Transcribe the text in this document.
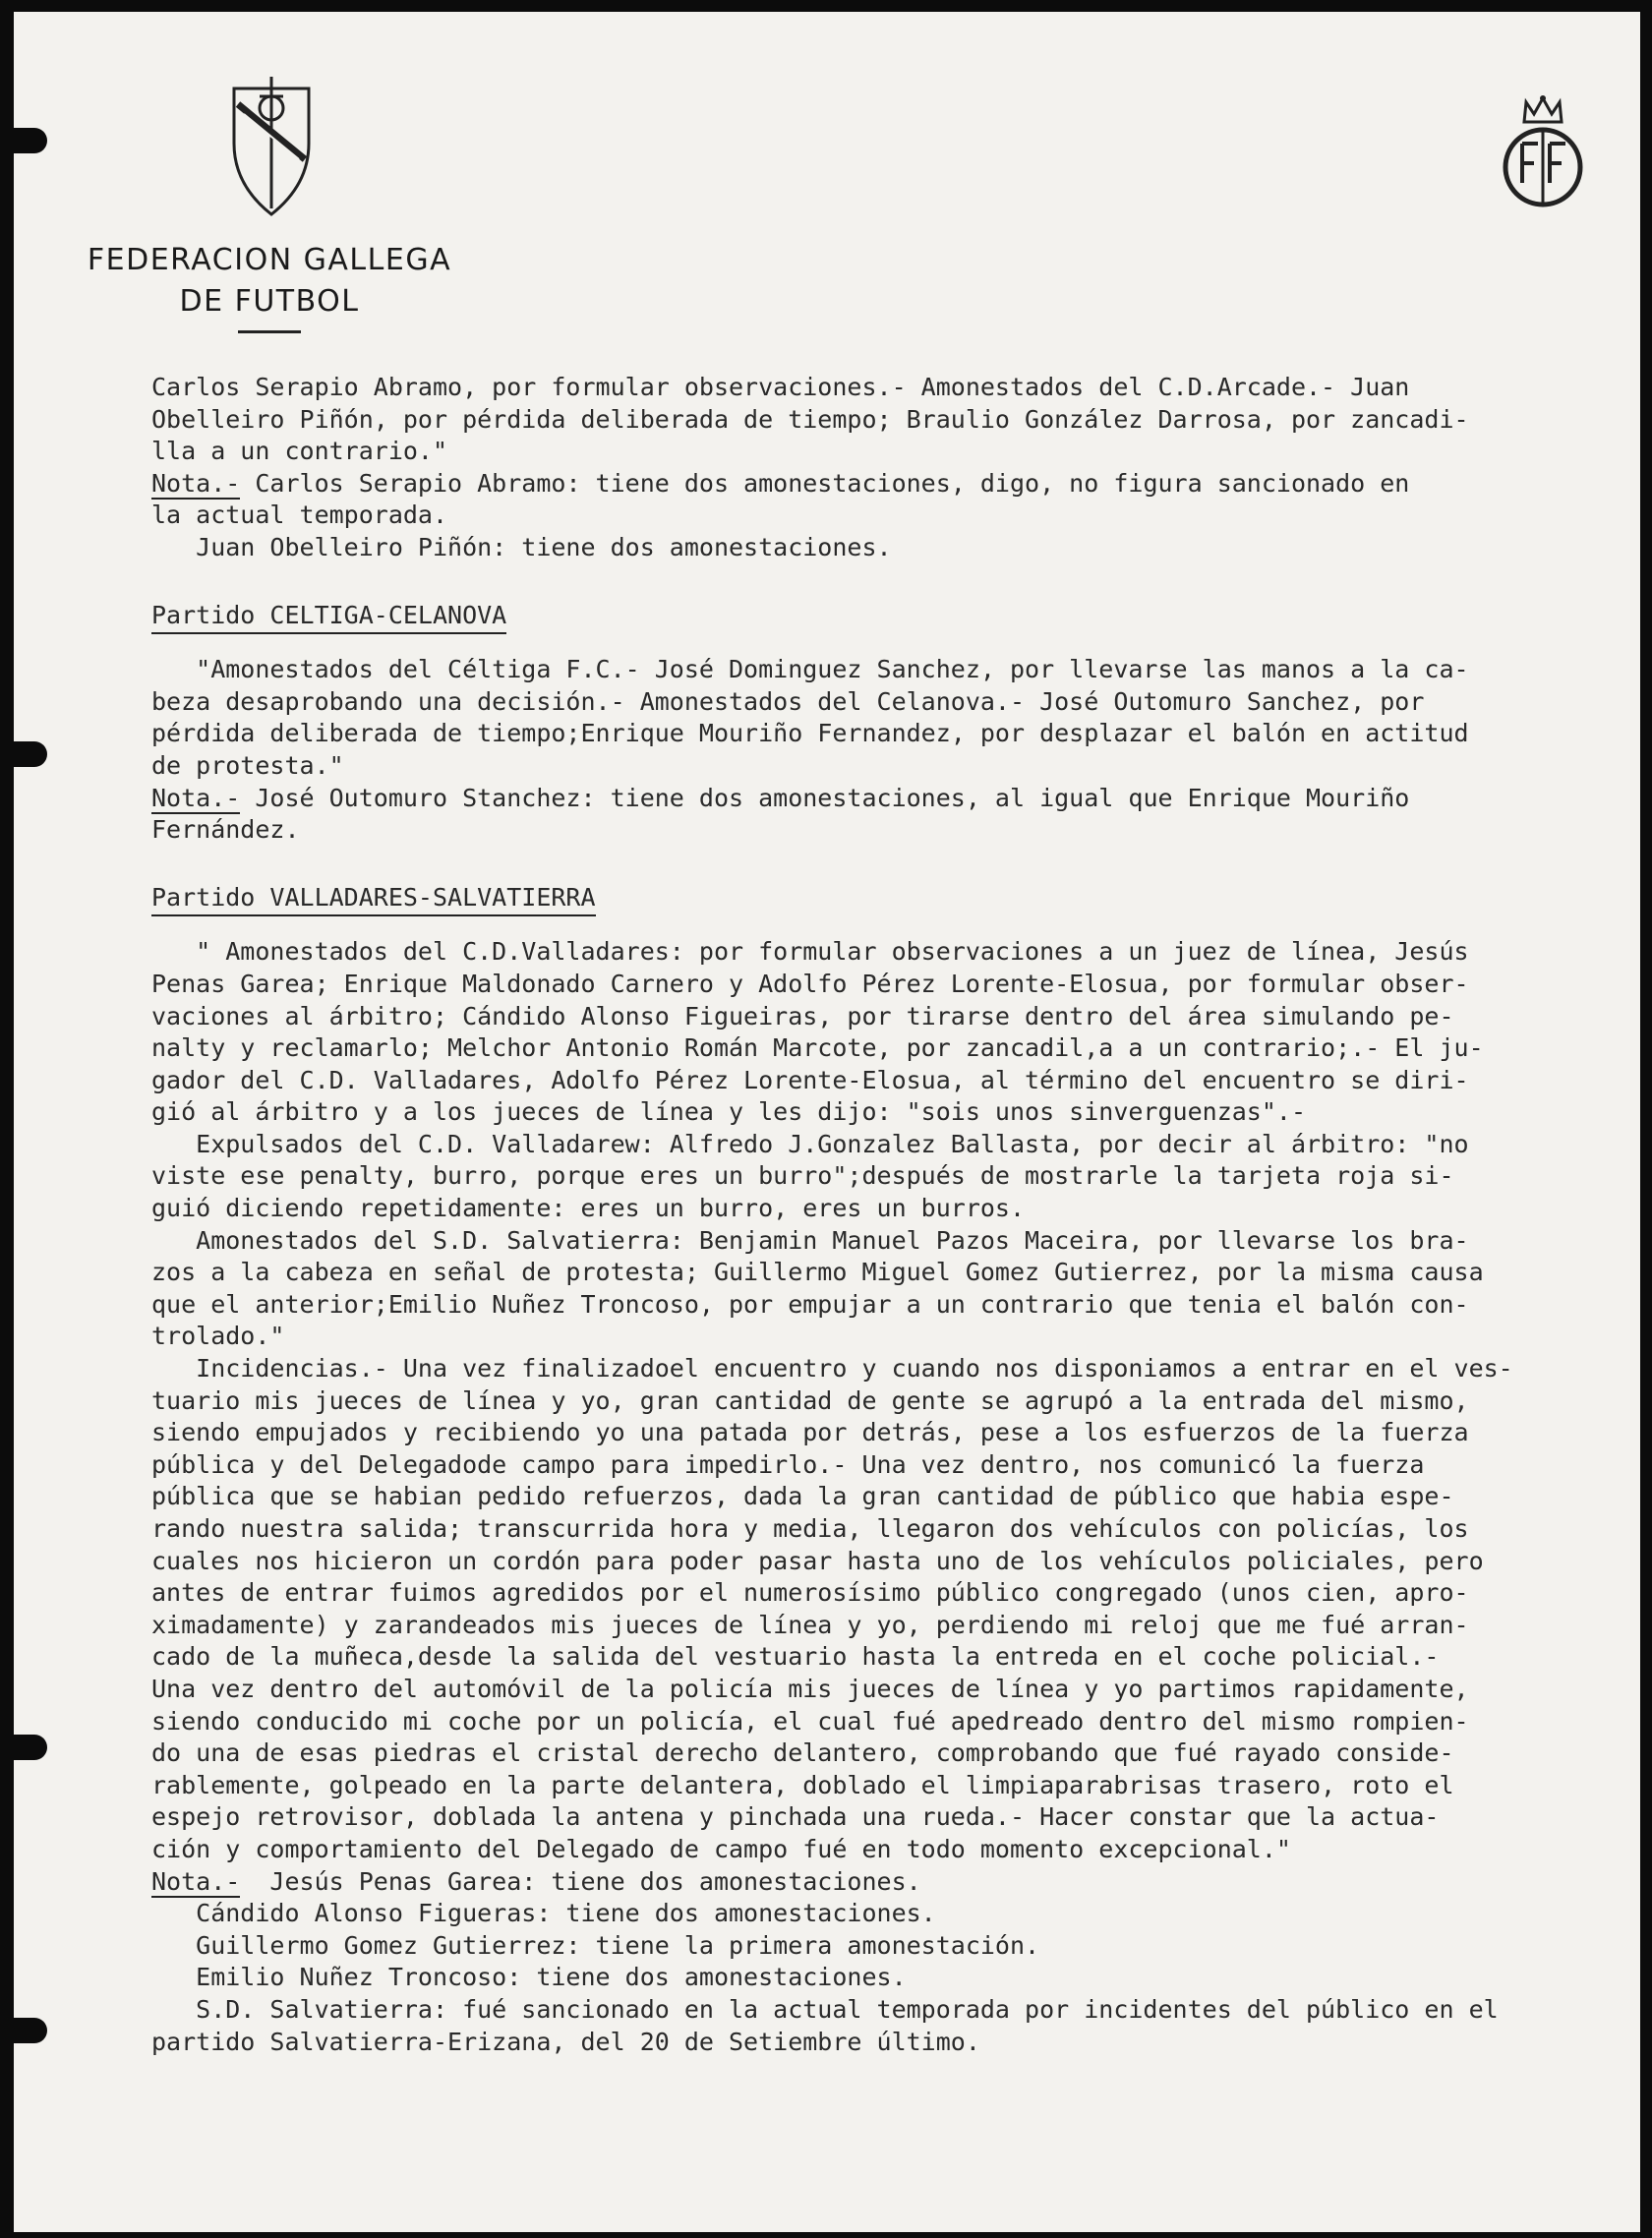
FEDERACION GALLEGA
DE FUTBOL

Carlos Serapio Abramo, por formular observaciones.- Amonestados del C.D.Arcade.- Juan

Obelleiro Piñón, por pérdida deliberada de tiempo; Braulio González Darrosa, por zancadi-

lla a un contrario."

Nota.- Carlos Serapio Abramo: tiene dos amonestaciones, digo, no figura sancionado en

la actual temporada.

Juan Obelleiro Piñón: tiene dos amonestaciones.

Partido CELTIGA-CELANOVA

"Amonestados del Céltiga F.C.- José Dominguez Sanchez, por llevarse las manos a la ca-

beza desaprobando una decisión.- Amonestados del Celanova.- José Outomuro Sanchez, por

pérdida deliberada de tiempo;Enrique Mouriño Fernandez, por desplazar el balón en actitud

de protesta."

Nota.- José Outomuro Stanchez: tiene dos amonestaciones, al igual que Enrique Mouriño

Fernández.

Partido VALLADARES-SALVATIERRA

" Amonestados del C.D.Valladares: por formular observaciones a un juez de línea, Jesús

Penas Garea; Enrique Maldonado Carnero y Adolfo Pérez Lorente-Elosua, por formular obser-

vaciones al árbitro; Cándido Alonso Figueiras, por tirarse dentro del área simulando pe-

nalty y reclamarlo; Melchor Antonio Román Marcote, por zancadil,a a un contrario;.- El ju-

gador del C.D. Valladares, Adolfo Pérez Lorente-Elosua, al término del encuentro se diri-

gió al árbitro y a los jueces de línea y les dijo: "sois unos sinverguenzas".-

Expulsados del C.D. Valladarew: Alfredo J.Gonzalez Ballasta, por decir al árbitro: "no

viste ese penalty, burro, porque eres un burro";después de mostrarle la tarjeta roja si-

guió diciendo repetidamente: eres un burro, eres un burros.

Amonestados del S.D. Salvatierra: Benjamin Manuel Pazos Maceira, por llevarse los bra-

zos a la cabeza en señal de protesta; Guillermo Miguel Gomez Gutierrez, por la misma causa

que el anterior;Emilio Nuñez Troncoso, por empujar a un contrario que tenia el balón con-

trolado."

Incidencias.- Una vez finalizadoel encuentro y cuando nos disponiamos a entrar en el ves-

tuario mis jueces de línea y yo, gran cantidad de gente se agrupó a la entrada del mismo,

siendo empujados y recibiendo yo una patada por detrás, pese a los esfuerzos de la fuerza

pública y del Delegadode campo para impedirlo.- Una vez dentro, nos comunicó la fuerza

pública que se habian pedido refuerzos, dada la gran cantidad de público que habia espe-

rando nuestra salida; transcurrida hora y media, llegaron dos vehículos con policías, los

cuales nos hicieron un cordón para poder pasar hasta uno de los vehículos policiales, pero

antes de entrar fuimos agredidos por el numerosísimo público congregado (unos cien, apro-

ximadamente) y zarandeados mis jueces de línea y yo, perdiendo mi reloj que me fué arran-

cado de la muñeca,desde la salida del vestuario hasta la entreda en el coche policial.-

Una vez dentro del automóvil de la policía mis jueces de línea y yo partimos rapidamente,

siendo conducido mi coche por un policía, el cual fué apedreado dentro del mismo rompien-

do una de esas piedras el cristal derecho delantero, comprobando que fué rayado conside-

rablemente, golpeado en la parte delantera, doblado el limpiaparabrisas trasero, roto el

espejo retrovisor, doblada la antena y pinchada una rueda.- Hacer constar que la actua-

ción y comportamiento del Delegado de campo fué en todo momento excepcional."

Nota.-  Jesús Penas Garea: tiene dos amonestaciones.

Cándido Alonso Figueras: tiene dos amonestaciones.

Guillermo Gomez Gutierrez: tiene la primera amonestación.

Emilio Nuñez Troncoso: tiene dos amonestaciones.

S.D. Salvatierra: fué sancionado en la actual temporada por incidentes del público en el

partido Salvatierra-Erizana, del 20 de Setiembre último.
